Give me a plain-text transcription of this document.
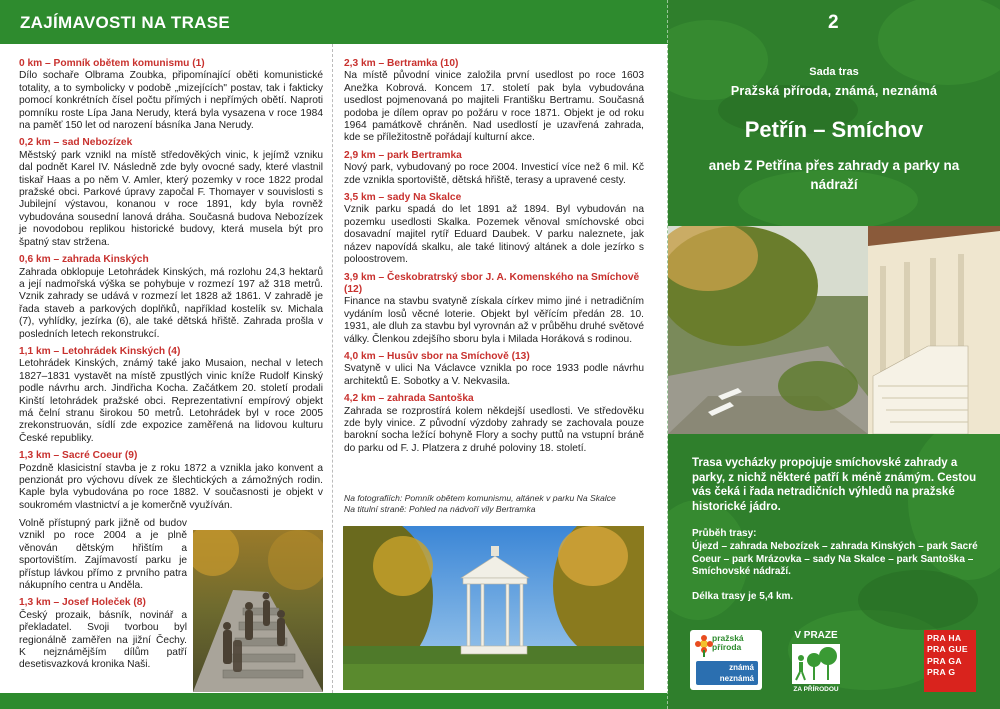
ZAJÍMAVOSTI NA TRASE
0 km – Pomník obětem komunismu (1)
Dílo sochaře Olbrama Zoubka, připomínající oběti komunistické totality, a to symbolicky v podobě „mizejících" postav, tak i fakticky pomocí konkrétních čísel počtu přímých i nepřímých obětí. Naproti pomníku roste Lípa Jana Nerudy, která byla vysazena v roce 1984 na paměť 150 let od narození básníka Jana Nerudy.
0,2 km – sad Nebozízek
Městský park vznikl na místě středověkých vinic, k jejímž vzniku dal podnět Karel IV. Následně zde byly ovocné sady, které vlastnil tiskař Haas a po něm V. Amler, který pozemky v roce 1822 prodal pražské obci. Parkové úpravy započal F. Thomayer v souvislosti s Jubilejní výstavou, konanou v roce 1891, kdy byla rovněž vybudována sousední lanová dráha. Současná budova Nebozízek je novodobou replikou historické budovy, která musela být pro špatný stav stržena.
0,6 km – zahrada Kinských
Zahrada obklopuje Letohrádek Kinských, má rozlohu 24,3 hektarů a její nadmořská výška se pohybuje v rozmezí 197 až 318 metrů. Vznik zahrady se udává v rozmezí let 1828 až 1861. V zahradě je řada staveb a parkových doplňků, například kostelík sv. Michala (7), vyhlídky, jezírka (6), ale také dětská hřiště. Zahrada prošla v posledních letech rekonstrukcí.
1,1 km – Letohrádek Kinských (4)
Letohrádek Kinských, známý také jako Musaion, nechal v letech 1827–1831 vystavět na místě zpustlých vinic kníže Rudolf Kinský podle návrhu arch. Jindřicha Kocha. Začátkem 20. století prodali Kinští letohrádek pražské obci. Reprezentativní empírový objekt má čelní stranu širokou 50 metrů. Letohrádek byl v roce 2005 zrekonstruován, sídlí zde expozice zaměřená na lidovou kulturu České republiky.
1,3 km – Sacré Coeur (9)
Pozdně klasicistní stavba je z roku 1872 a vznikla jako konvent a penzionát pro výchovu dívek ze šlechtických a zámožných rodin. Kaple byla vybudována po roce 1882. V současnosti je objekt v soukromém vlastnictví a je komerčně využíván.
Volně přístupný park jižně od budov vznikl po roce 2004 a je plně věnován dětským hřištím a sportovištím. Zajímavostí parku je přístup lávkou přímo z prvního patra nákupního centra u Anděla.
1,3 km – Josef Holeček (8)
Český prozaik, básník, novinář a překladatel. Svoji tvorbou byl regionálně zaměřen na jižní Čechy. K nejznámějším dílům patří desetisvazková kronika Naši.
2,3 km – Bertramka (10)
Na místě původní vinice založila první usedlost po roce 1603 Anežka Kobrová. Koncem 17. století pak byla vybudována usedlost pojmenovaná po majiteli Františku Bertramu. Současná podoba je dílem oprav po požáru v roce 1871. Objekt je od roku 1964 památkově chráněn. Nad usedlostí je uzavřená zahrada, kde se příležitostně pořádají kulturní akce.
2,9 km – park Bertramka
Nový park, vybudovaný po roce 2004. Investicí více než 6 mil. Kč zde vznikla sportoviště, dětská hřiště, terasy a upravené cesty.
3,5 km – sady Na Skalce
Vznik parku spadá do let 1891 až 1894. Byl vybudován na pozemku usedlosti Skalka. Pozemek věnoval smíchovské obci dosavadní majitel rytíř Eduard Daubek. V parku naleznete, jak název napovídá skalku, ale také litinový altánek a dole jezírko s poloostrovem.
3,9 km – Českobratrský sbor J. A. Komenského na Smíchově (12)
Finance na stavbu svatyně získala církev mimo jiné i netradičním vydáním losů věcné loterie. Objekt byl věřícím předán 28. 10. 1931, ale dluh za stavbu byl vyrovnán až v průběhu druhé světové války. Členkou zdejšího sboru byla i Milada Horáková s rodinou.
4,0 km – Husův sbor na Smíchově (13)
Svatyně v ulici Na Václavce vznikla po roce 1933 podle návrhu architektů E. Sobotky a V. Nekvasila.
4,2 km – zahrada Santoška
Zahrada se rozprostírá kolem někdejší usedlosti. Ve středověku zde byly vinice. Z původní výzdoby zahrady se zachovala pouze barokní socha ležící bohyně Flory a sochy puttů na vstupní bráně do parku od F. J. Platzera z druhé poloviny 18. století.
Na fotografiích: Pomník obětem komunismu, altánek v parku Na Skalce
Na titulní straně: Pohled na nádvoří vily Bertramka
2
Sada tras
Pražská příroda, známá, neznámá
Petřín – Smíchov
aneb Z Petřína přes zahrady a parky na nádraží
Trasa vycházky propojuje smíchovské zahrady a parky, z nichž některé patří k méně známým. Cestou vás čeká i řada netradičních výhledů na pražské historické jádro.
Průběh trasy:
Újezd – zahrada Nebozízek – zahrada Kinských – park Sacré Coeur – park Mrázovka – sady Na Skalce – park Santoška – Smíchovské nádraží.
Délka trasy je 5,4 km.
pražská
příroda
známá
neznámá
V PRAZE
ZA PŘÍRODOU
PRA HA
PRA GUE
PRA GA
PRA G
